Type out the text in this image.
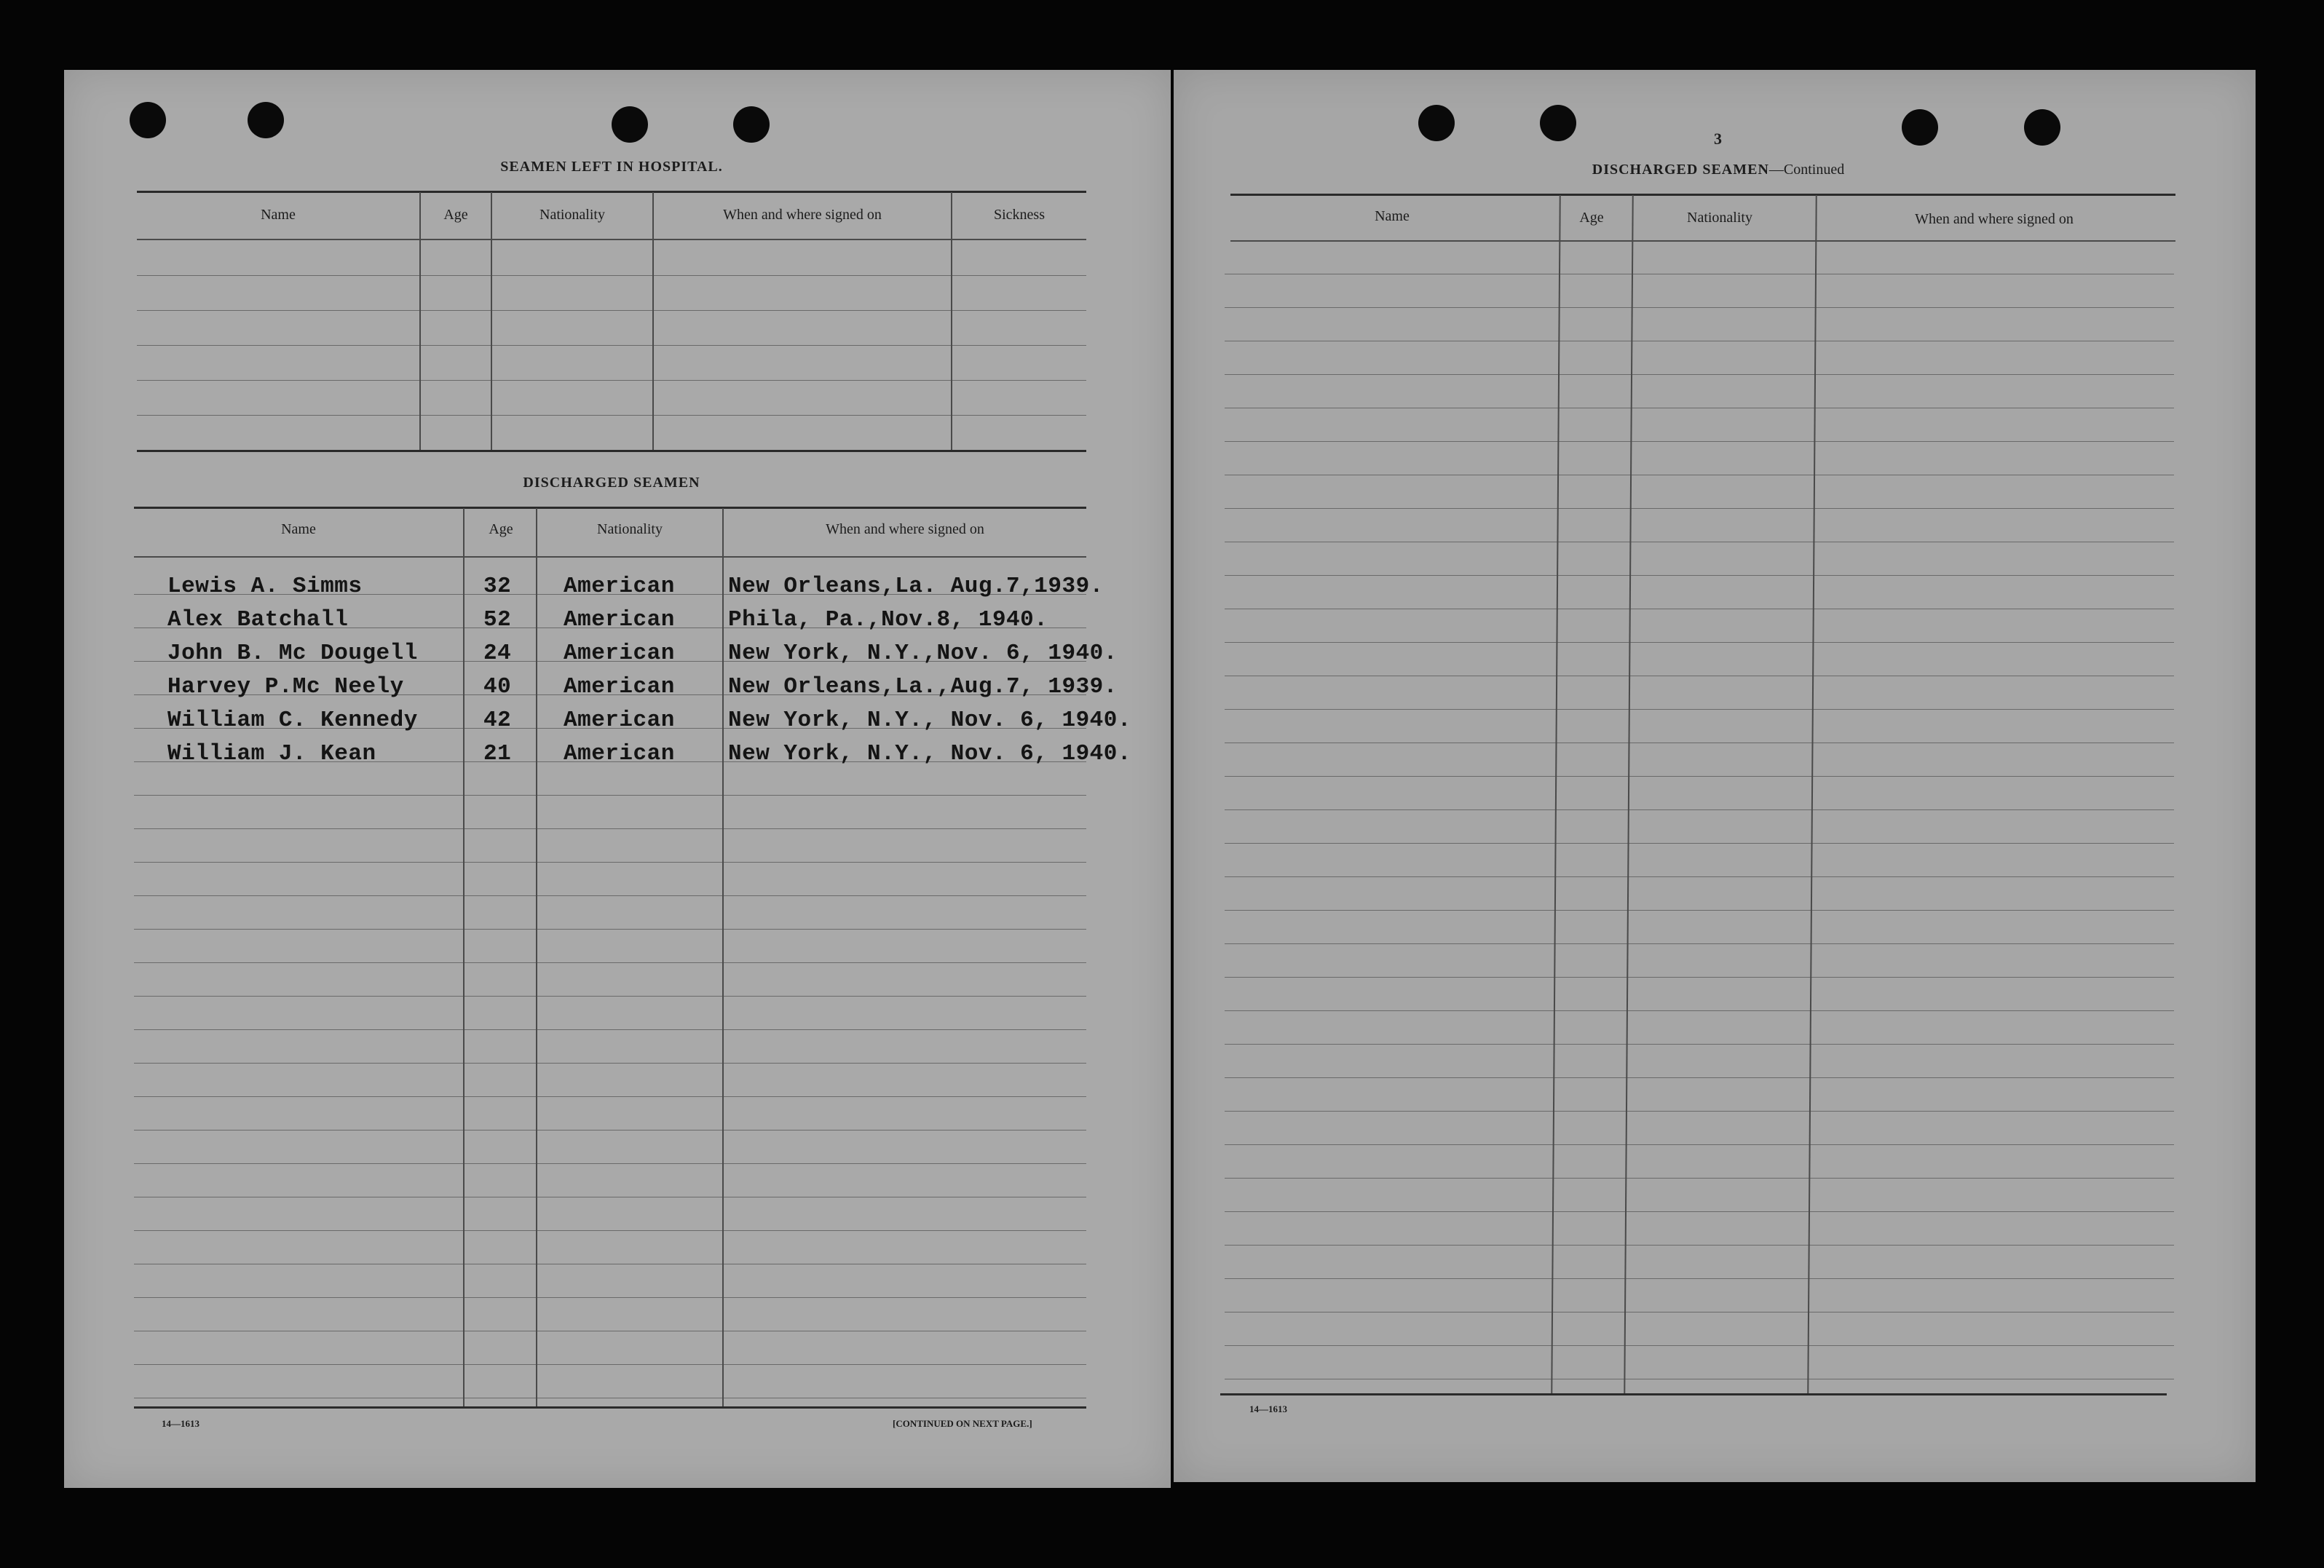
SEAMEN LEFT IN HOSPITAL.
Name	Age	Nationality	When and where signed on	Sickness
DISCHARGED SEAMEN
Name	Age	Nationality	When and where signed on
Lewis A. Simms	32 American New Orleans,La. Aug.7,1939.
Alex Batchall	52 American Phila, Pa.,Nov.8, 1940.
John B. Mc Dougell	24 American New York, N.Y.,Nov. 6, 1940.
Harvey P.Mc Neely	40 American New Orleans,La.,Aug.7, 1939.
William C. Kennedy	42 American New York, N.Y., Nov. 6, 1940.
William J. Kean	21 American New York, N.Y., Nov. 6, 1940.
14—1613	[CONTINUED ON NEXT PAGE.]
3
DISCHARGED SEAMEN—Continued
Name	Age	Nationality	When and where signed on
14—1613
